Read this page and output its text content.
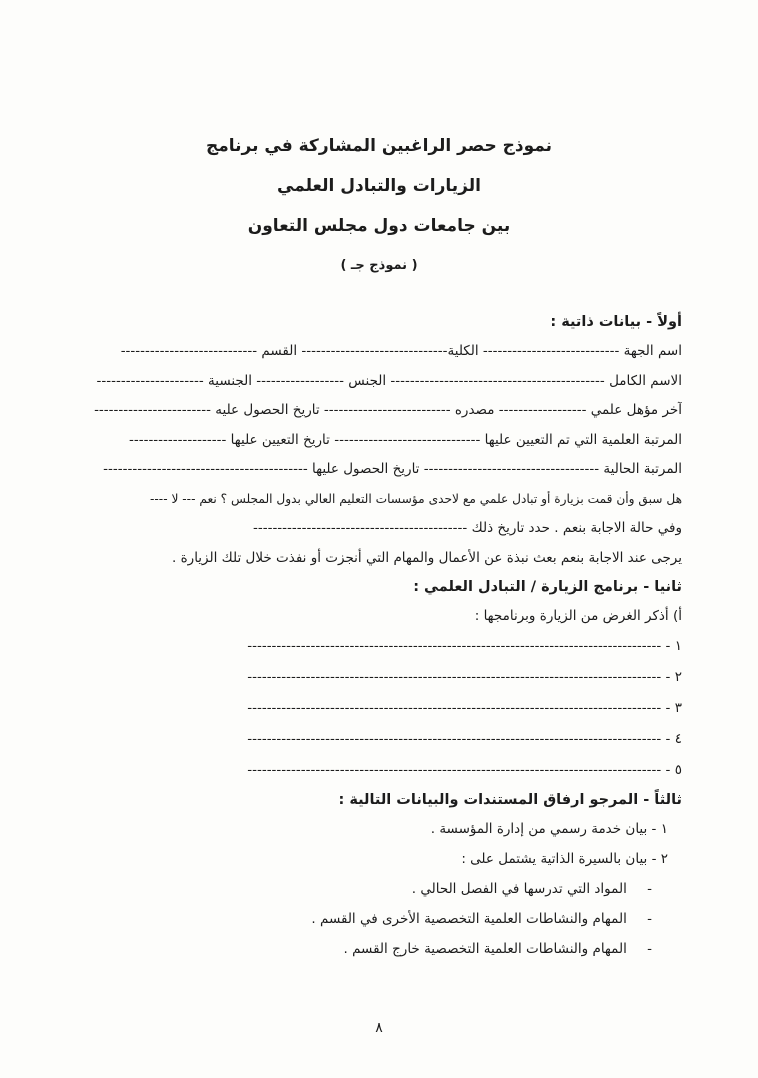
نموذج حصر الراغبين المشاركة في برنامج
الزيارات والتبادل العلمي
بين جامعات دول مجلس التعاون
( نموذج جـ )
أولاً - بيانات ذاتية :
اسم الجهة ---------------------------- الكلية------------------------------ القسم ----------------------------
الاسم الكامل -------------------------------------------- الجنس ------------------ الجنسية ----------------------
آخر مؤهل علمي ------------------ مصدره -------------------------- تاريخ الحصول عليه ------------------------
المرتبة العلمية التي تم التعيين عليها ------------------------------ تاريخ التعيين عليها --------------------
المرتبة الحالية ------------------------------------ تاريخ الحصول عليها ------------------------------------------
هل سبق وأن قمت بزيارة أو تبادل علمي مع لاحدى مؤسسات التعليم العالي بدول المجلس ؟ نعم --- لا ----
وفي حالة الاجابة بنعم . حدد تاريخ ذلك --------------------------------------------
يرجى عند الاجابة بنعم بعث نبذة عن الأعمال والمهام التي أنجزت أو نفذت خلال تلك الزيارة .
ثانيا - برنامج الزيارة / التبادل العلمي :
أ) أذكر الغرض من الزيارة وبرنامجها :
١ - -------------------------------------------------------------------------------------
٢ - -------------------------------------------------------------------------------------
٣ - -------------------------------------------------------------------------------------
٤ - -------------------------------------------------------------------------------------
٥ - -------------------------------------------------------------------------------------
ثالثاً - المرجو ارفاق المستندات والبيانات التالية :
١ - بيان خدمة رسمي من إدارة المؤسسة .
٢ - بيان بالسيرة الذاتية يشتمل على :
- المواد التي تدرسها في الفصل الحالي .
- المهام والنشاطات العلمية التخصصية الأخرى في القسم .
- المهام والنشاطات العلمية التخصصية خارج القسم .
٨
